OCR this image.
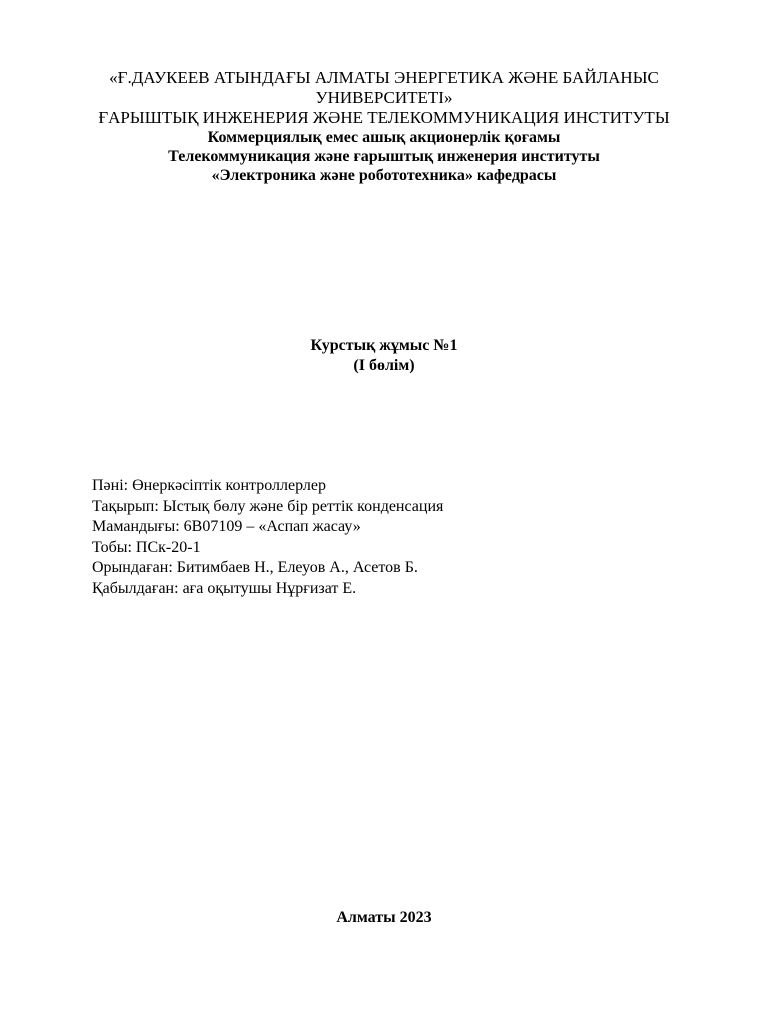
«Ғ.ДАУКЕЕВ АТЫНДАҒЫ АЛМАТЫ ЭНЕРГЕТИКА ЖӘНЕ БАЙЛАНЫС
УНИВЕРСИТЕТІ»
ҒАРЫШТЫҚ ИНЖЕНЕРИЯ ЖӘНЕ ТЕЛЕКОММУНИКАЦИЯ ИНСТИТУТЫ
Коммерциялық емес ашық акционерлік қоғамы
Телекоммуникация және ғарыштық инженерия институты
«Электроника және робототехника» кафедрасы
Курстық жұмыс №1
(І бөлім)
Пәні: Өнеркәсіптік контроллерлер
Тақырып: Ыстық бөлу және бір реттік конденсация
Мамандығы: 6В07109 – «Аспап жасау»
Тобы: ПСк-20-1
Орындаған: Битимбаев Н., Елеуов А., Асетов Б.
Қабылдаған: аға оқытушы Нұрғизат Е.
Алматы 2023
